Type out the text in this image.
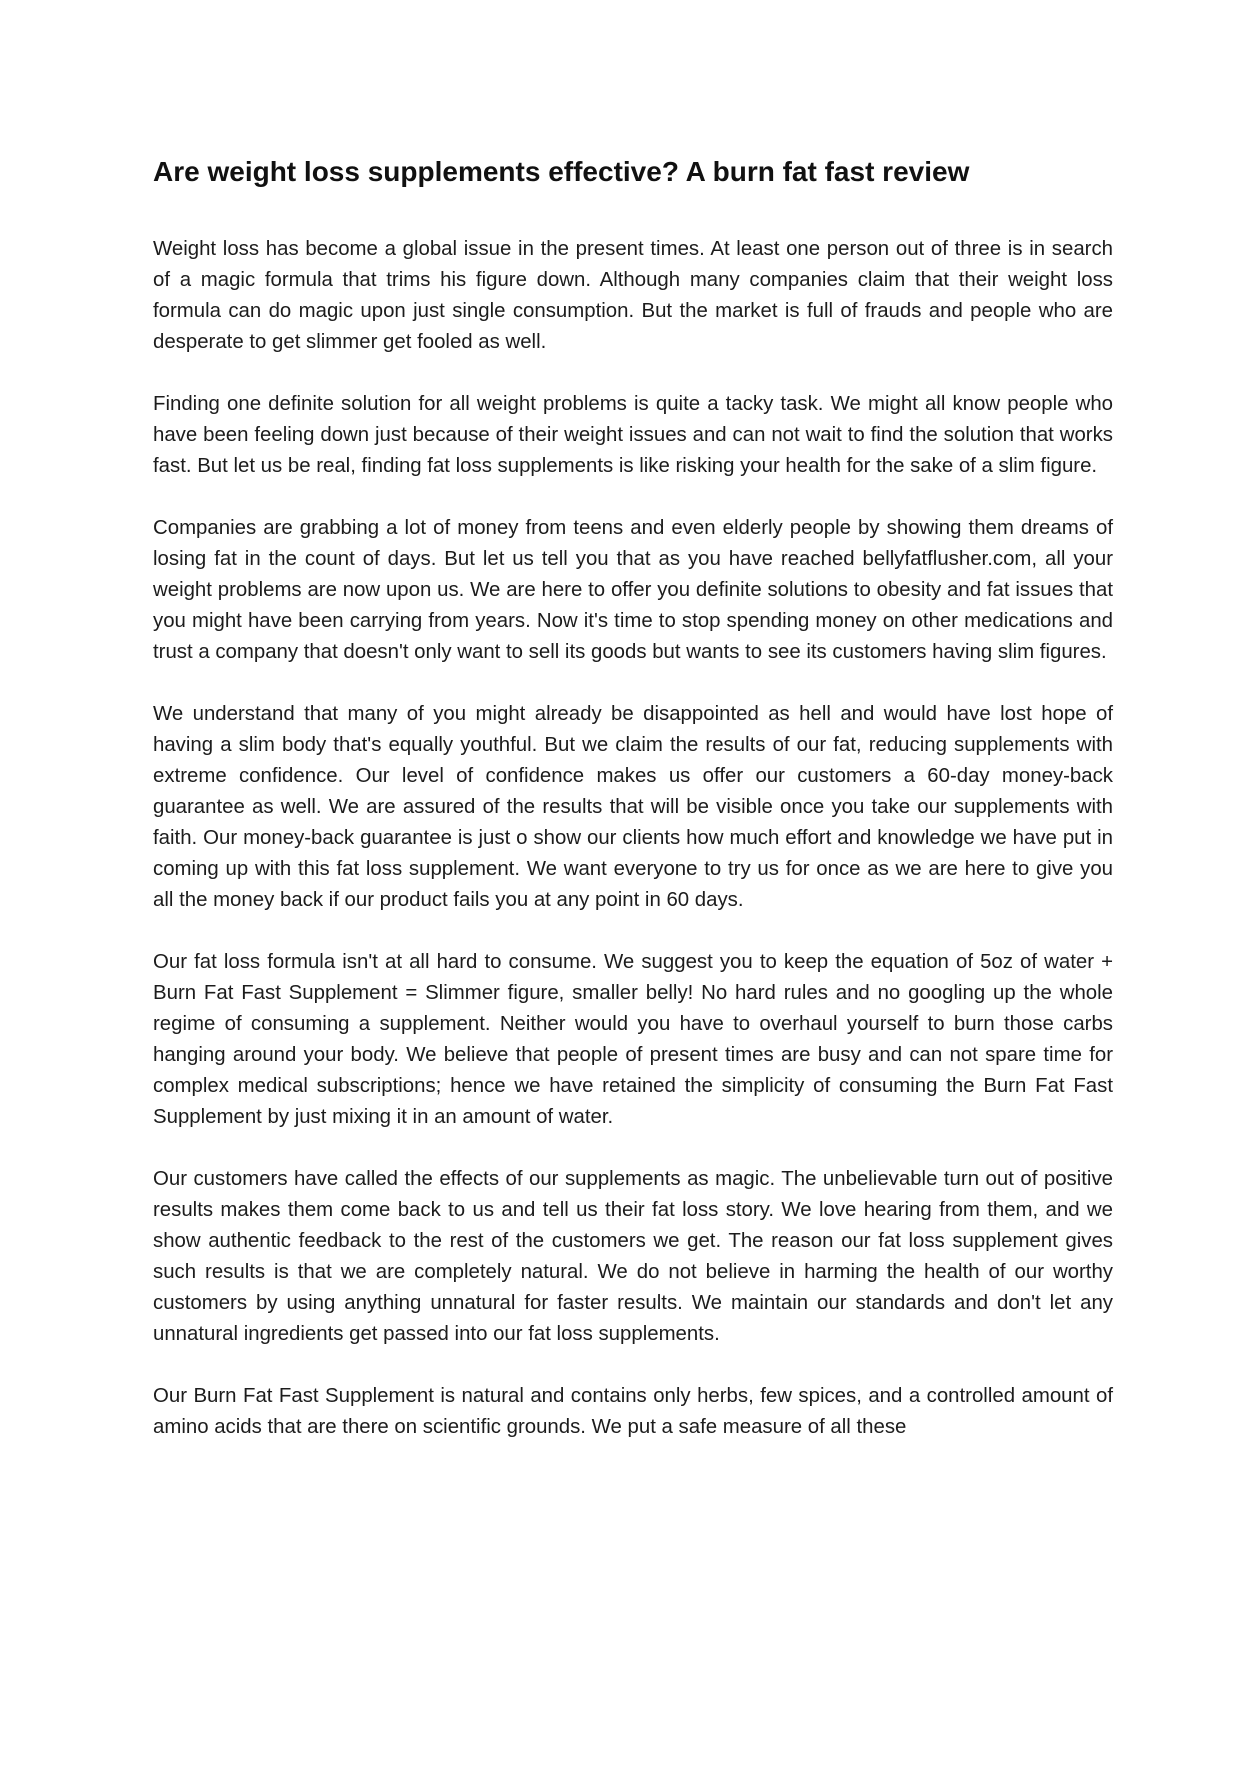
Are weight loss supplements effective? A burn fat fast review

Weight loss has become a global issue in the present times. At least one person out of three is in search of a magic formula that trims his figure down. Although many companies claim that their weight loss formula can do magic upon just single consumption. But the market is full of frauds and people who are desperate to get slimmer get fooled as well.

Finding one definite solution for all weight problems is quite a tacky task. We might all know people who have been feeling down just because of their weight issues and can not wait to find the solution that works fast. But let us be real, finding fat loss supplements is like risking your health for the sake of a slim figure.

Companies are grabbing a lot of money from teens and even elderly people by showing them dreams of losing fat in the count of days. But let us tell you that as you have reached bellyfatflusher.com, all your weight problems are now upon us. We are here to offer you definite solutions to obesity and fat issues that you might have been carrying from years. Now it's time to stop spending money on other medications and trust a company that doesn't only want to sell its goods but wants to see its customers having slim figures.

We understand that many of you might already be disappointed as hell and would have lost hope of having a slim body that's equally youthful. But we claim the results of our fat, reducing supplements with extreme confidence. Our level of confidence makes us offer our customers a 60-day money-back guarantee as well. We are assured of the results that will be visible once you take our supplements with faith. Our money-back guarantee is just o show our clients how much effort and knowledge we have put in coming up with this fat loss supplement. We want everyone to try us for once as we are here to give you all the money back if our product fails you at any point in 60 days.

Our fat loss formula isn't at all hard to consume. We suggest you to keep the equation of 5oz of water + Burn Fat Fast Supplement = Slimmer figure, smaller belly! No hard rules and no googling up the whole regime of consuming a supplement. Neither would you have to overhaul yourself to burn those carbs hanging around your body. We believe that people of present times are busy and can not spare time for complex medical subscriptions; hence we have retained the simplicity of consuming the Burn Fat Fast Supplement by just mixing it in an amount of water.

Our customers have called the effects of our supplements as magic. The unbelievable turn out of positive results makes them come back to us and tell us their fat loss story. We love hearing from them, and we show authentic feedback to the rest of the customers we get. The reason our fat loss supplement gives such results is that we are completely natural. We do not believe in harming the health of our worthy customers by using anything unnatural for faster results. We maintain our standards and don't let any unnatural ingredients get passed into our fat loss supplements.

Our Burn Fat Fast Supplement is natural and contains only herbs, few spices, and a controlled amount of amino acids that are there on scientific grounds. We put a safe measure of all these
